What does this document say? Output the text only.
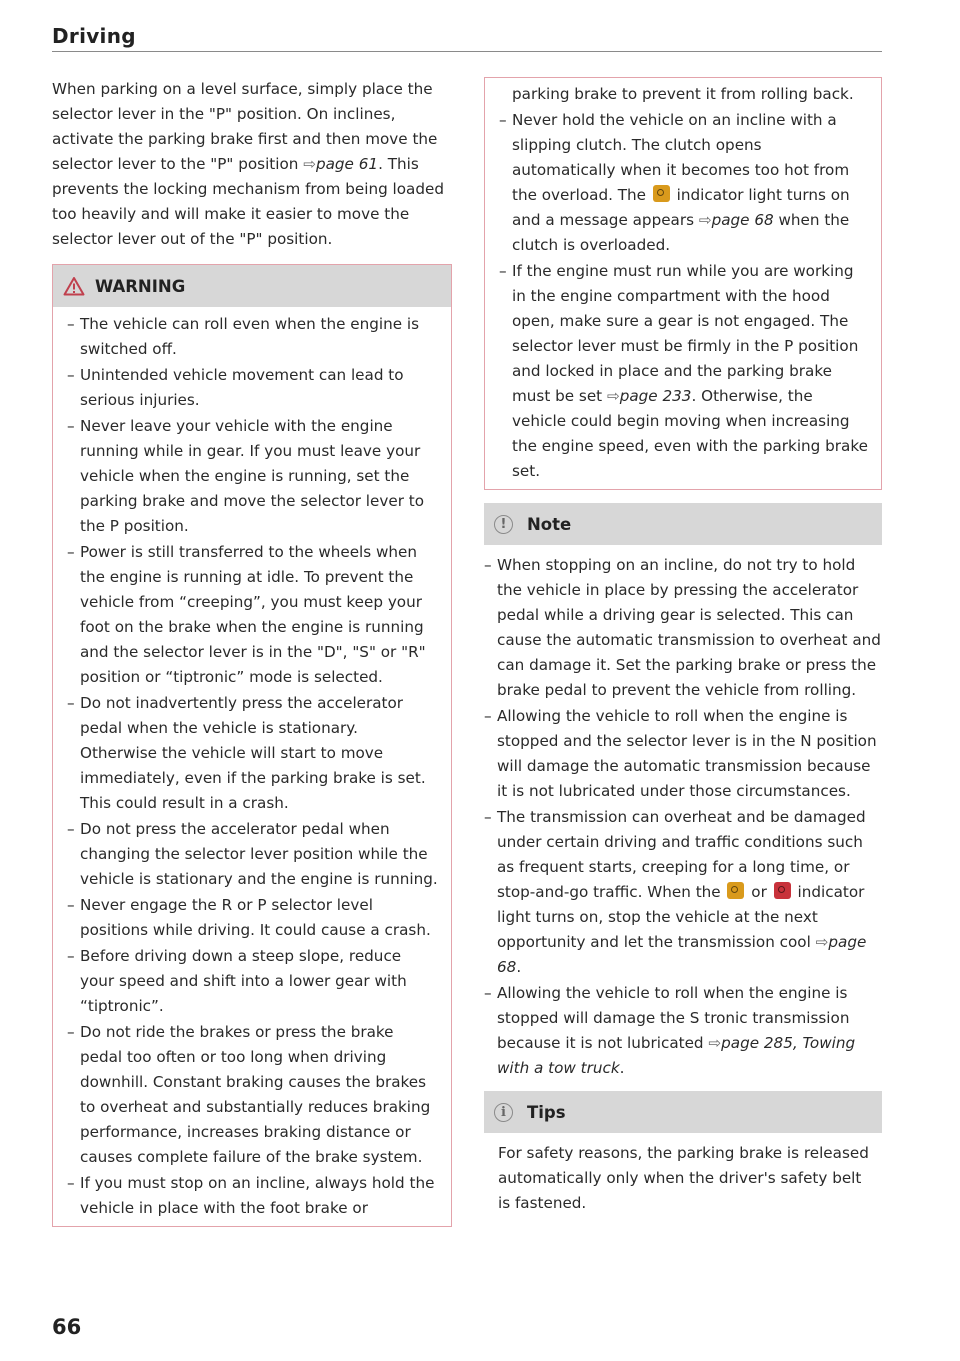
Driving

When parking on a level surface, simply place the selector lever in the "P" position. On inclines, activate the parking brake first and then move the selector lever to the "P" position ⇨page 61. This prevents the locking mechanism from being loaded too heavily and will make it easier to move the selector lever out of the "P" position.

WARNING
– The vehicle can roll even when the engine is switched off.
– Unintended vehicle movement can lead to serious injuries.
– Never leave your vehicle with the engine running while in gear. If you must leave your vehicle when the engine is running, set the parking brake and move the selector lever to the P position.
– Power is still transferred to the wheels when the engine is running at idle. To prevent the vehicle from “creeping”, you must keep your foot on the brake when the engine is running and the selector lever is in the "D", "S" or "R" position or “tiptronic” mode is selected.
– Do not inadvertently press the accelerator pedal when the vehicle is stationary. Otherwise the vehicle will start to move immediately, even if the parking brake is set. This could result in a crash.
– Do not press the accelerator pedal when changing the selector lever position while the vehicle is stationary and the engine is running.
– Never engage the R or P selector level positions while driving. It could cause a crash.
– Before driving down a steep slope, reduce your speed and shift into a lower gear with “tiptronic”.
– Do not ride the brakes or press the brake pedal too often or too long when driving downhill. Constant braking causes the brakes to overheat and substantially reduces braking performance, increases braking distance or causes complete failure of the brake system.
– If you must stop on an incline, always hold the vehicle in place with the foot brake or
parking brake to prevent it from rolling back.
– Never hold the vehicle on an incline with a slipping clutch. The clutch opens automatically when it becomes too hot from the overload. The  indicator light turns on and a message appears ⇨page 68 when the clutch is overloaded.
– If the engine must run while you are working in the engine compartment with the hood open, make sure a gear is not engaged. The selector lever must be firmly in the P position and locked in place and the parking brake must be set ⇨page 233. Otherwise, the vehicle could begin moving when increasing the engine speed, even with the parking brake set.
!	Note
– When stopping on an incline, do not try to hold the vehicle in place by pressing the accelerator pedal while a driving gear is selected. This can cause the automatic transmission to overheat and can damage it. Set the parking brake or press the brake pedal to prevent the vehicle from rolling.
– Allowing the vehicle to roll when the engine is stopped and the selector lever is in the N position will damage the automatic transmission because it is not lubricated under those circumstances.
– The transmission can overheat and be damaged under certain driving and traffic conditions such as frequent starts, creeping for a long time, or stop-and-go traffic. When the  or  indicator light turns on, stop the vehicle at the next opportunity and let the transmission cool ⇨page 68.
– Allowing the vehicle to roll when the engine is stopped will damage the S tronic transmission because it is not lubricated ⇨page 285, Towing with a tow truck.
i	Tips

For safety reasons, the parking brake is released automatically only when the driver's safety belt is fastened.

66
